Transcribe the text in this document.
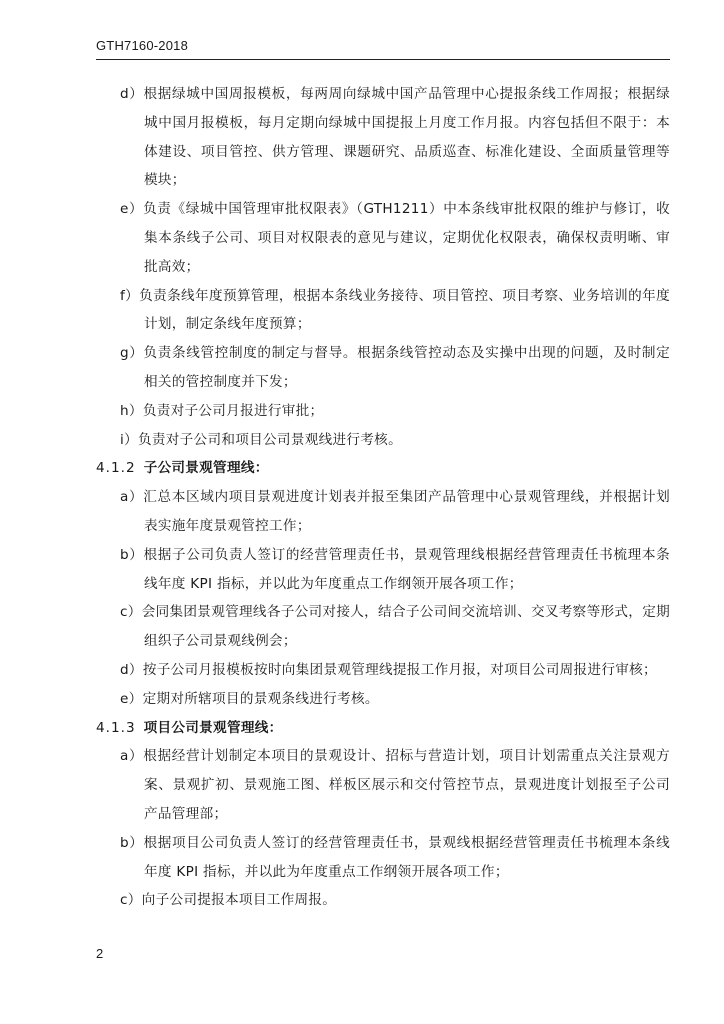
GTH7160-2018
d）根据绿城中国周报模板，每两周向绿城中国产品管理中心提报条线工作周报；根据绿城中国月报模板，每月定期向绿城中国提报上月度工作月报。内容包括但不限于：本体建设、项目管控、供方管理、课题研究、品质巡查、标准化建设、全面质量管理等模块；
e）负责《绿城中国管理审批权限表》（GTH1211）中本条线审批权限的维护与修订，收集本条线子公司、项目对权限表的意见与建议，定期优化权限表，确保权责明晰、审批高效；
f）负责条线年度预算管理，根据本条线业务接待、项目管控、项目考察、业务培训的年度计划，制定条线年度预算；
g）负责条线管控制度的制定与督导。根据条线管控动态及实操中出现的问题，及时制定相关的管控制度并下发；
h）负责对子公司月报进行审批；
i）负责对子公司和项目公司景观线进行考核。
4.1.2 子公司景观管理线：
a）汇总本区域内项目景观进度计划表并报至集团产品管理中心景观管理线，并根据计划表实施年度景观管控工作；
b）根据子公司负责人签订的经营管理责任书，景观管理线根据经营管理责任书梳理本条线年度 KPI 指标，并以此为年度重点工作纲领开展各项工作；
c）会同集团景观管理线各子公司对接人，结合子公司间交流培训、交叉考察等形式，定期组织子公司景观线例会；
d）按子公司月报模板按时向集团景观管理线提报工作月报，对项目公司周报进行审核；
e）定期对所辖项目的景观条线进行考核。
4.1.3 项目公司景观管理线：
a）根据经营计划制定本项目的景观设计、招标与营造计划，项目计划需重点关注景观方案、景观扩初、景观施工图、样板区展示和交付管控节点，景观进度计划报至子公司产品管理部；
b）根据项目公司负责人签订的经营管理责任书，景观线根据经营管理责任书梳理本条线年度 KPI 指标，并以此为年度重点工作纲领开展各项工作；
c）向子公司提报本项目工作周报。
2
